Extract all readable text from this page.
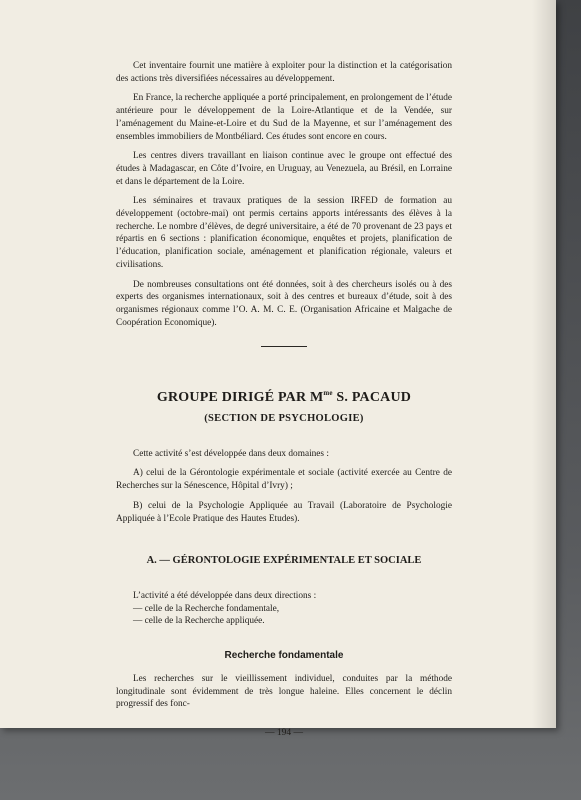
Cet inventaire fournit une matière à exploiter pour la distinction et la catégorisation des actions très diversifiées nécessaires au développement.

En France, la recherche appliquée a porté principalement, en prolongement de l’étude antérieure pour le développement de la Loire-Atlantique et de la Vendée, sur l’aménagement du Maine-et-Loire et du Sud de la Mayenne, et sur l’aménagement des ensembles immobiliers de Montbéliard. Ces études sont encore en cours.

Les centres divers travaillant en liaison continue avec le groupe ont effectué des études à Madagascar, en Côte d’Ivoire, en Uruguay, au Venezuela, au Brésil, en Lorraine et dans le département de la Loire.

Les séminaires et travaux pratiques de la session IRFED de formation au développement (octobre-mai) ont permis certains apports intéressants des élèves à la recherche. Le nombre d’élèves, de degré universitaire, a été de 70 provenant de 23 pays et répartis en 6 sections : planification économique, enquêtes et projets, planification de l’éducation, planification sociale, aménagement et planification régionale, valeurs et civilisations.

De nombreuses consultations ont été données, soit à des chercheurs isolés ou à des experts des organismes internationaux, soit à des centres et bureaux d’étude, soit à des organismes régionaux comme l’O. A. M. C. E. (Organisation Africaine et Malgache de Coopération Economique).

GROUPE DIRIGÉ PAR $M^{me}$ S. PACAUD
(SECTION DE PSYCHOLOGIE)

Cette activité s’est développée dans deux domaines :

A) celui de la Gérontologie expérimentale et sociale (activité exercée au Centre de Recherches sur la Sénescence, Hôpital d’Ivry) ;

B) celui de la Psychologie Appliquée au Travail (Laboratoire de Psychologie Appliquée à l’Ecole Pratique des Hautes Etudes).

A. — GÉRONTOLOGIE EXPÉRIMENTALE ET SOCIALE

L’activité a été développée dans deux directions :

— celle de la Recherche fondamentale,
— celle de la Recherche appliquée.
Recherche fondamentale

Les recherches sur le vieillissement individuel, conduites par la méthode longitudinale sont évidemment de très longue haleine. Elles concernent le déclin progressif des fonc-

— 194 —
